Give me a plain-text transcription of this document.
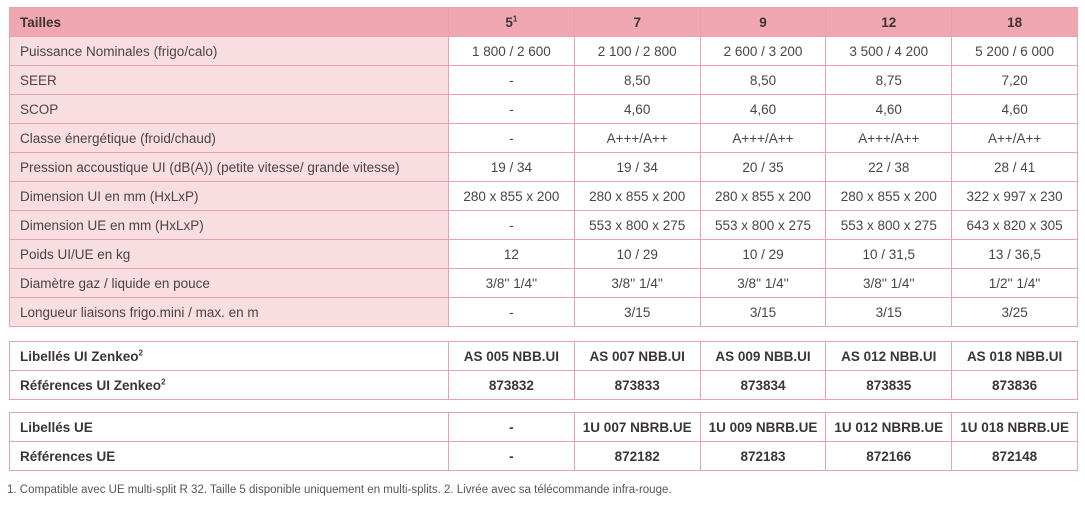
Tailles	$5^1$	7	9	12	18
Puissance Nominales (frigo/calo)	1 800 / 2 600	2 100 / 2 800	2 600 / 3 200	3 500 / 4 200	5 200 / 6 000
SEER	-	8,50	8,50	8,75	7,20
SCOP	-	4,60	4,60	4,60	4,60
Classe énergétique (froid/chaud)	-	A+++/A++	A+++/A++	A+++/A++	A++/A++
Pression accoustique UI (dB(A)) (petite vitesse/ grande vitesse)	19 / 34	19 / 34	20 / 35	22 / 38	28 / 41
Dimension UI en mm (HxLxP)	280 x 855 x 200	280 x 855 x 200	280 x 855 x 200	280 x 855 x 200	322 x 997 x 230
Dimension UE en mm (HxLxP)	-	553 x 800 x 275	553 x 800 x 275	553 x 800 x 275	643 x 820 x 305
Poids UI/UE en kg	12	10 / 29	10 / 29	10 / 31,5	13 / 36,5
Diamètre gaz / liquide en pouce	3/8'' 1/4''	3/8'' 1/4''	3/8'' 1/4''	3/8'' 1/4''	1/2'' 1/4''
Longueur liaisons frigo.mini / max. en m	-	3/15	3/15	3/15	3/25
Libellés UI Zenkeo$^2$	AS 005 NBB.UI	AS 007 NBB.UI	AS 009 NBB.UI	AS 012 NBB.UI	AS 018 NBB.UI
Références UI Zenkeo$^2$	873832	873833	873834	873835	873836
Libellés UE	-	1U 007 NBRB.UE	1U 009 NBRB.UE	1U 012 NBRB.UE	1U 018 NBRB.UE
Références UE	-	872182	872183	872166	872148
1. Compatible avec UE multi-split R 32. Taille 5 disponible uniquement en multi-splits. 2. Livrée avec sa télécommande infra-rouge.
